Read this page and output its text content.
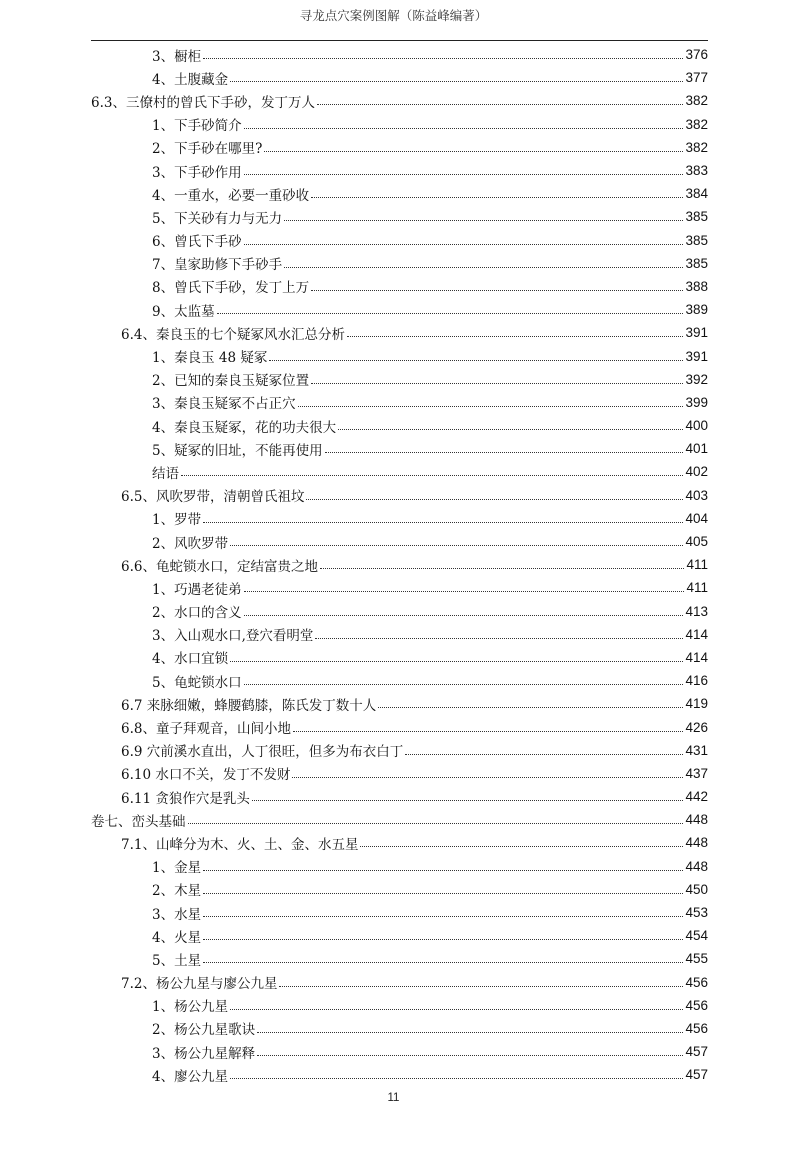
寻龙点穴案例图解（陈益峰编著）
3、橱柜	376
4、土腹藏金	377
6.3、三僚村的曾氏下手砂，发丁万人	382
1、下手砂简介	382
2、下手砂在哪里?	382
3、下手砂作用	383
4、一重水，必要一重砂收	384
5、下关砂有力与无力	385
6、曾氏下手砂	385
7、皇家助修下手砂手	385
8、曾氏下手砂，发丁上万	388
9、太监墓	389
6.4、秦良玉的七个疑冢风水汇总分析	391
1、秦良玉 48 疑冢	391
2、已知的秦良玉疑冢位置	392
3、秦良玉疑冢不占正穴	399
4、秦良玉疑冢，花的功夫很大	400
5、疑冢的旧址，不能再使用	401
结语	402
6.5、风吹罗带，清朝曾氏祖坟	403
1、罗带	404
2、风吹罗带	405
6.6、龟蛇锁水口，定结富贵之地	411
1、巧遇老徒弟	411
2、水口的含义	413
3、入山观水口,登穴看明堂	414
4、水口宜锁	414
5、龟蛇锁水口	416
6.7 来脉细嫩，蜂腰鹤膝，陈氏发丁数十人	419
6.8、童子拜观音，山间小地	426
6.9 穴前溪水直出，人丁很旺，但多为布衣白丁	431
6.10 水口不关，发丁不发财	437
6.11 贪狼作穴是乳头	442
卷七、峦头基础	448
7.1、山峰分为木、火、土、金、水五星	448
1、金星	448
2、木星	450
3、水星	453
4、火星	454
5、土星	455
7.2、杨公九星与廖公九星	456
1、杨公九星	456
2、杨公九星歌诀	456
3、杨公九星解释	457
4、廖公九星	457
11
